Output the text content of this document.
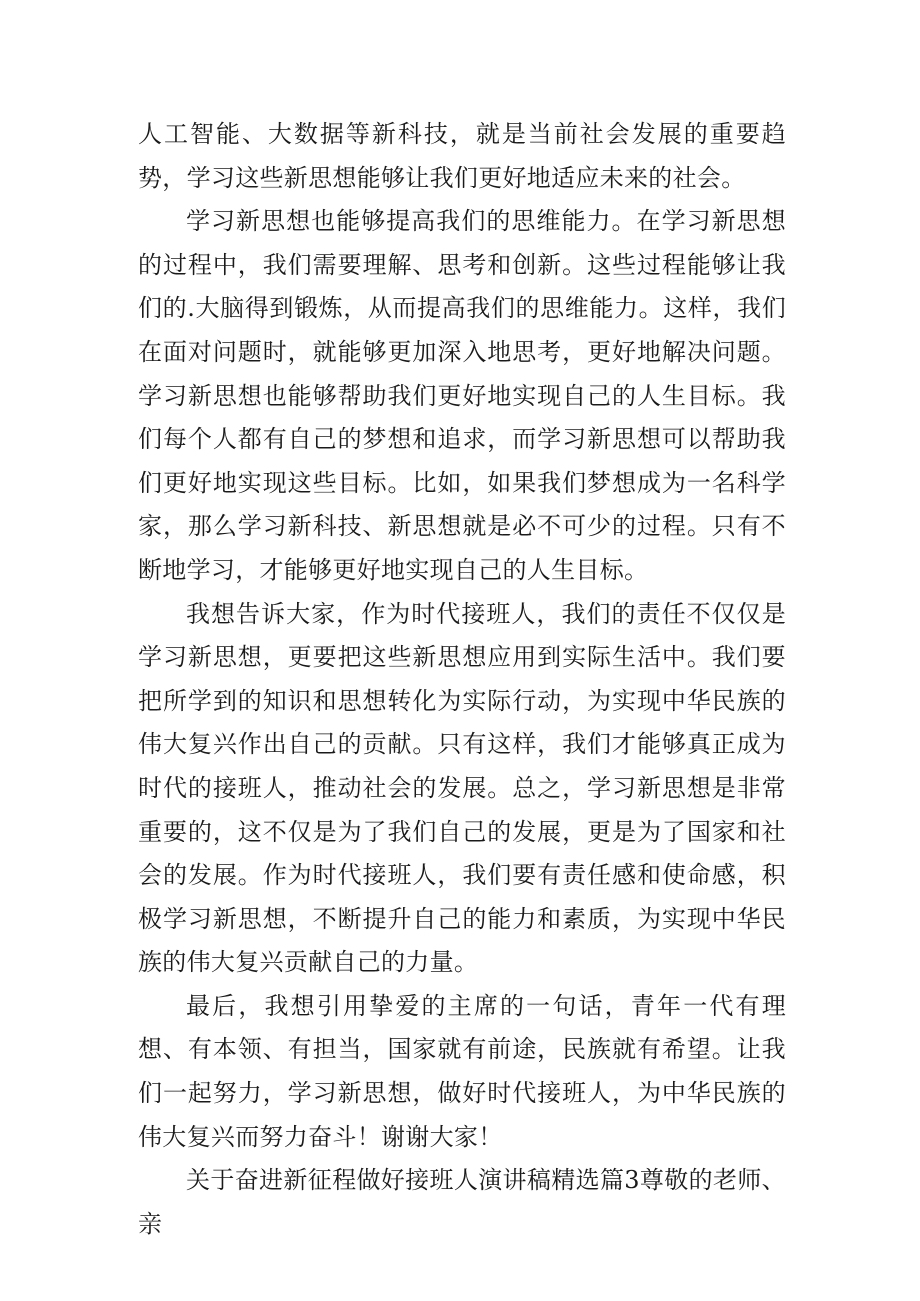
人工智能、大数据等新科技，就是当前社会发展的重要趋势，学习这些新思想能够让我们更好地适应未来的社会。

学习新思想也能够提高我们的思维能力。在学习新思想的过程中，我们需要理解、思考和创新。这些过程能够让我们的.大脑得到锻炼，从而提高我们的思维能力。这样，我们在面对问题时，就能够更加深入地思考，更好地解决问题。学习新思想也能够帮助我们更好地实现自己的人生目标。我们每个人都有自己的梦想和追求，而学习新思想可以帮助我们更好地实现这些目标。比如，如果我们梦想成为一名科学家，那么学习新科技、新思想就是必不可少的过程。只有不断地学习，才能够更好地实现自己的人生目标。

我想告诉大家，作为时代接班人，我们的责任不仅仅是学习新思想，更要把这些新思想应用到实际生活中。我们要把所学到的知识和思想转化为实际行动，为实现中华民族的伟大复兴作出自己的贡献。只有这样，我们才能够真正成为时代的接班人，推动社会的发展。总之，学习新思想是非常重要的，这不仅是为了我们自己的发展，更是为了国家和社会的发展。作为时代接班人，我们要有责任感和使命感，积极学习新思想，不断提升自己的能力和素质，为实现中华民族的伟大复兴贡献自己的力量。

最后，我想引用挚爱的主席的一句话，青年一代有理想、有本领、有担当，国家就有前途，民族就有希望。让我们一起努力，学习新思想，做好时代接班人，为中华民族的伟大复兴而努力奋斗！谢谢大家！

关于奋进新征程做好接班人演讲稿精选篇3尊敬的老师、亲
